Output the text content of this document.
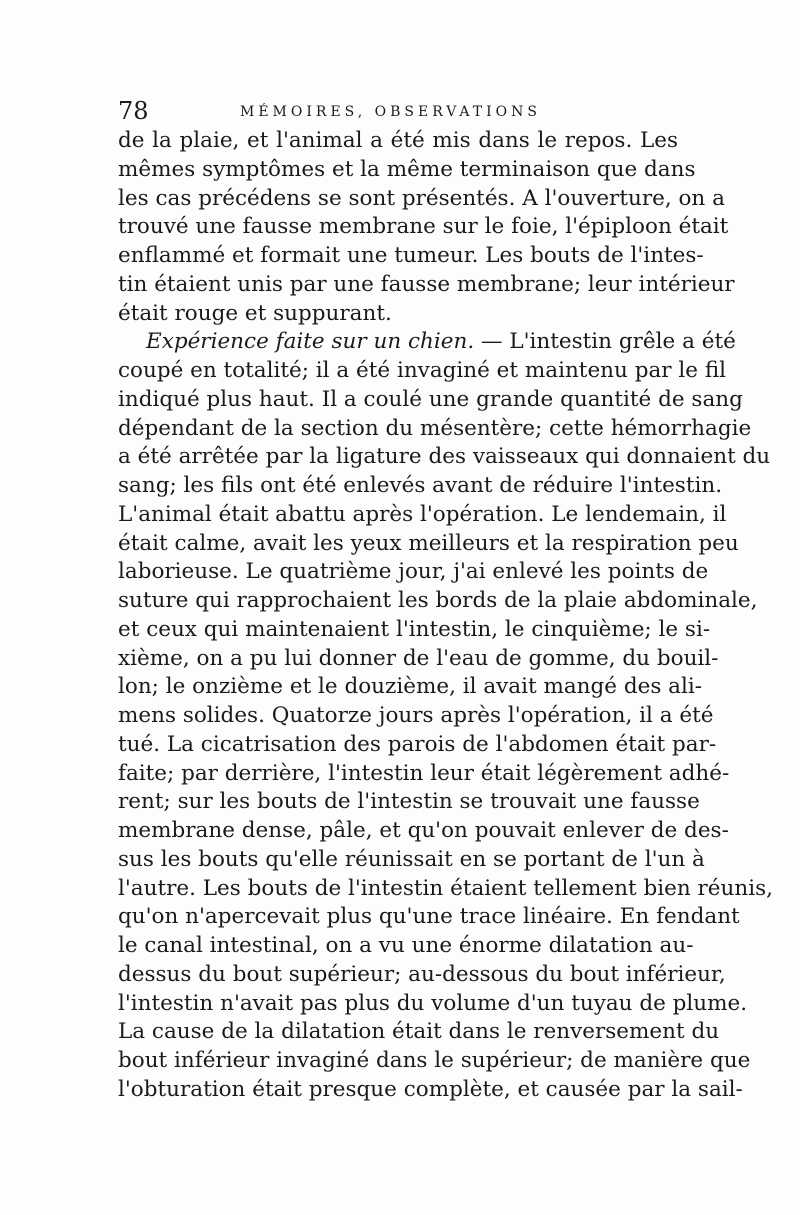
78	MÉMOIRES, OBSERVATIONS
de la plaie, et l'animal a été mis dans le repos. Les
mêmes symptômes et la même terminaison que dans
les cas précédens se sont présentés. A l'ouverture, on a
trouvé une fausse membrane sur le foie, l'épiploon était
enflammé et formait une tumeur. Les bouts de l'intes-
tin étaient unis par une fausse membrane; leur intérieur
était rouge et suppurant.
Expérience faite sur un chien. — L'intestin grêle a été
coupé en totalité; il a été invaginé et maintenu par le fil
indiqué plus haut. Il a coulé une grande quantité de sang
dépendant de la section du mésentère; cette hémorrhagie
a été arrêtée par la ligature des vaisseaux qui donnaient du
sang; les fils ont été enlevés avant de réduire l'intestin.
L'animal était abattu après l'opération. Le lendemain, il
était calme, avait les yeux meilleurs et la respiration peu
laborieuse. Le quatrième jour, j'ai enlevé les points de
suture qui rapprochaient les bords de la plaie abdominale,
et ceux qui maintenaient l'intestin, le cinquième; le si-
xième, on a pu lui donner de l'eau de gomme, du bouil-
lon; le onzième et le douzième, il avait mangé des ali-
mens solides. Quatorze jours après l'opération, il a été
tué. La cicatrisation des parois de l'abdomen était par-
faite; par derrière, l'intestin leur était légèrement adhé-
rent; sur les bouts de l'intestin se trouvait une fausse
membrane dense, pâle, et qu'on pouvait enlever de des-
sus les bouts qu'elle réunissait en se portant de l'un à
l'autre. Les bouts de l'intestin étaient tellement bien réunis,
qu'on n'apercevait plus qu'une trace linéaire. En fendant
le canal intestinal, on a vu une énorme dilatation au-
dessus du bout supérieur; au-dessous du bout inférieur,
l'intestin n'avait pas plus du volume d'un tuyau de plume.
La cause de la dilatation était dans le renversement du
bout inférieur invaginé dans le supérieur; de manière que
l'obturation était presque complète, et causée par la sail-
